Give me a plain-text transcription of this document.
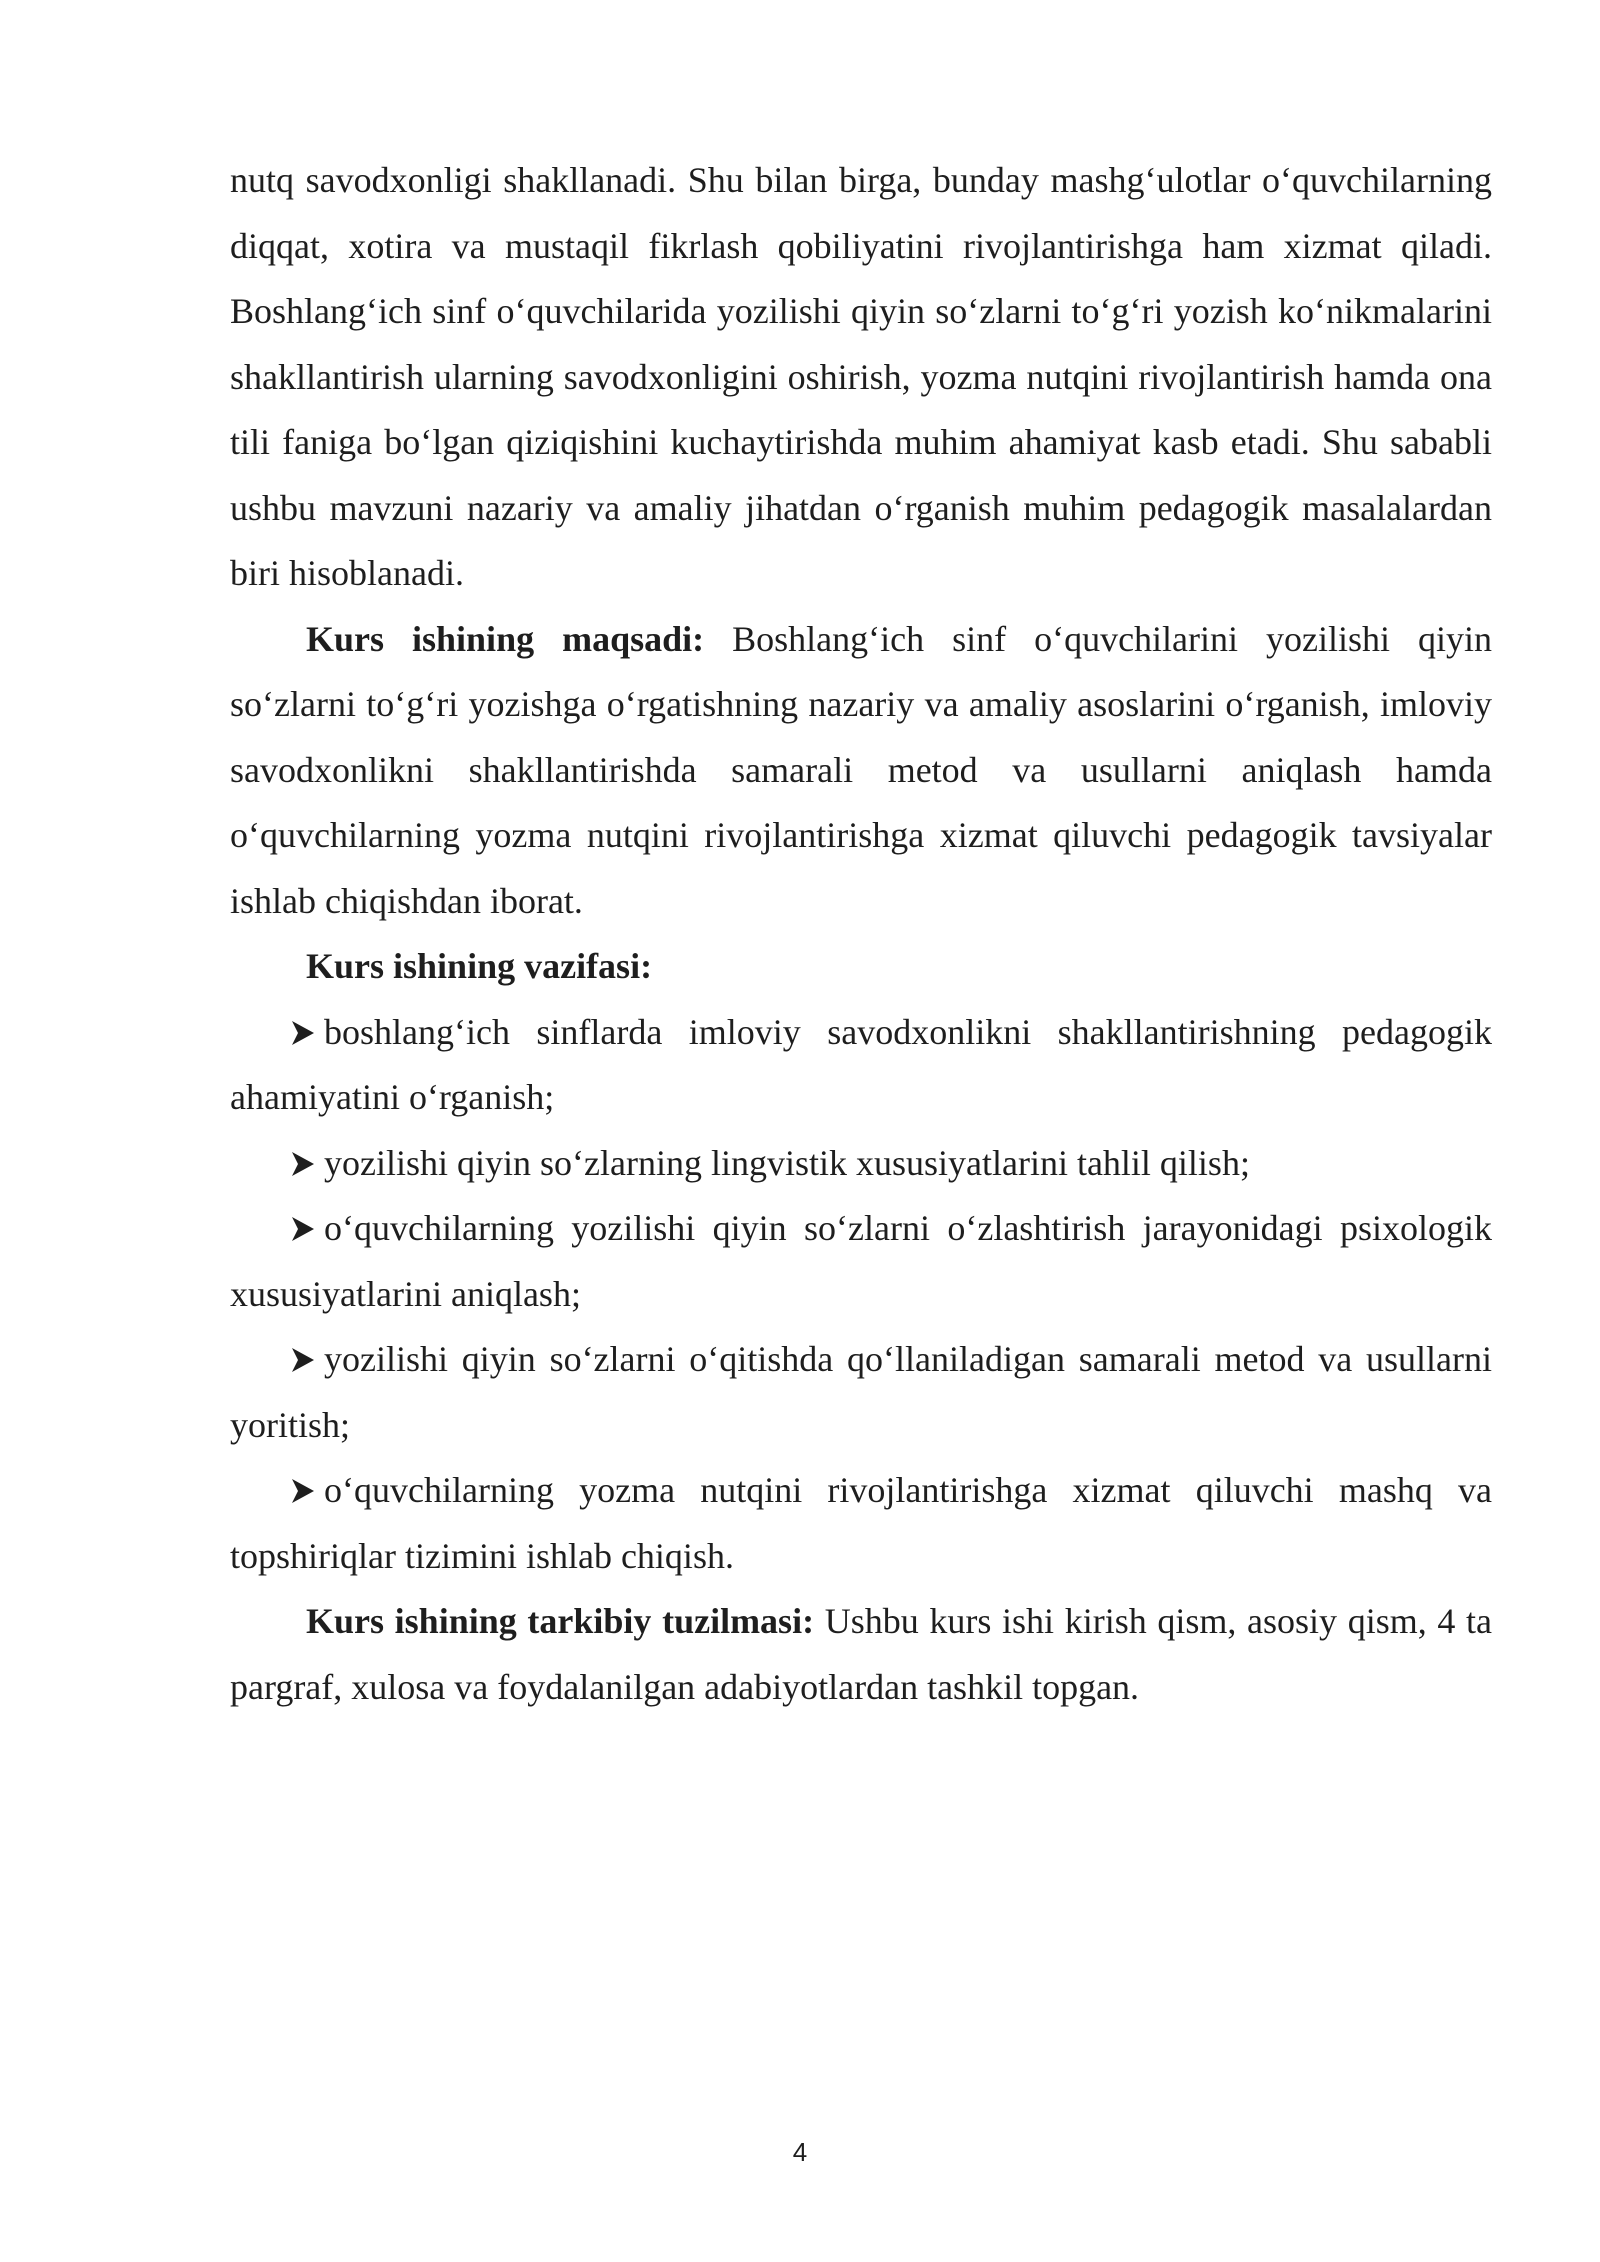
nutq savodxonligi shakllanadi. Shu bilan birga, bunday mashg‘ulotlar o‘quvchilarning diqqat, xotira va mustaqil fikrlash qobiliyatini rivojlantirishga ham xizmat qiladi. Boshlang‘ich sinf o‘quvchilarida yozilishi qiyin so‘zlarni to‘g‘ri yozish ko‘nikmalarini shakllantirish ularning savodxonligini oshirish, yozma nutqini rivojlantirish hamda ona tili faniga bo‘lgan qiziqishini kuchaytirishda muhim ahamiyat kasb etadi. Shu sababli ushbu mavzuni nazariy va amaliy jihatdan o‘rganish muhim pedagogik masalalardan biri hisoblanadi.

Kurs ishining maqsadi: Boshlang‘ich sinf o‘quvchilarini yozilishi qiyin so‘zlarni to‘g‘ri yozishga o‘rgatishning nazariy va amaliy asoslarini o‘rganish, imloviy savodxonlikni shakllantirishda samarali metod va usullarni aniqlash hamda o‘quvchilarning yozma nutqini rivojlantirishga xizmat qiluvchi pedagogik tavsiyalar ishlab chiqishdan iborat.

Kurs ishining vazifasi:

boshlang‘ich sinflarda imloviy savodxonlikni shakllantirishning pedagogik ahamiyatini o‘rganish;

yozilishi qiyin so‘zlarning lingvistik xususiyatlarini tahlil qilish;

o‘quvchilarning yozilishi qiyin so‘zlarni o‘zlashtirish jarayonidagi psixologik xususiyatlarini aniqlash;

yozilishi qiyin so‘zlarni o‘qitishda qo‘llaniladigan samarali metod va usullarni yoritish;

o‘quvchilarning yozma nutqini rivojlantirishga xizmat qiluvchi mashq va topshiriqlar tizimini ishlab chiqish.

Kurs ishining tarkibiy tuzilmasi: Ushbu kurs ishi kirish qism, asosiy qism, 4 ta pargraf, xulosa va foydalanilgan adabiyotlardan tashkil topgan.

4
